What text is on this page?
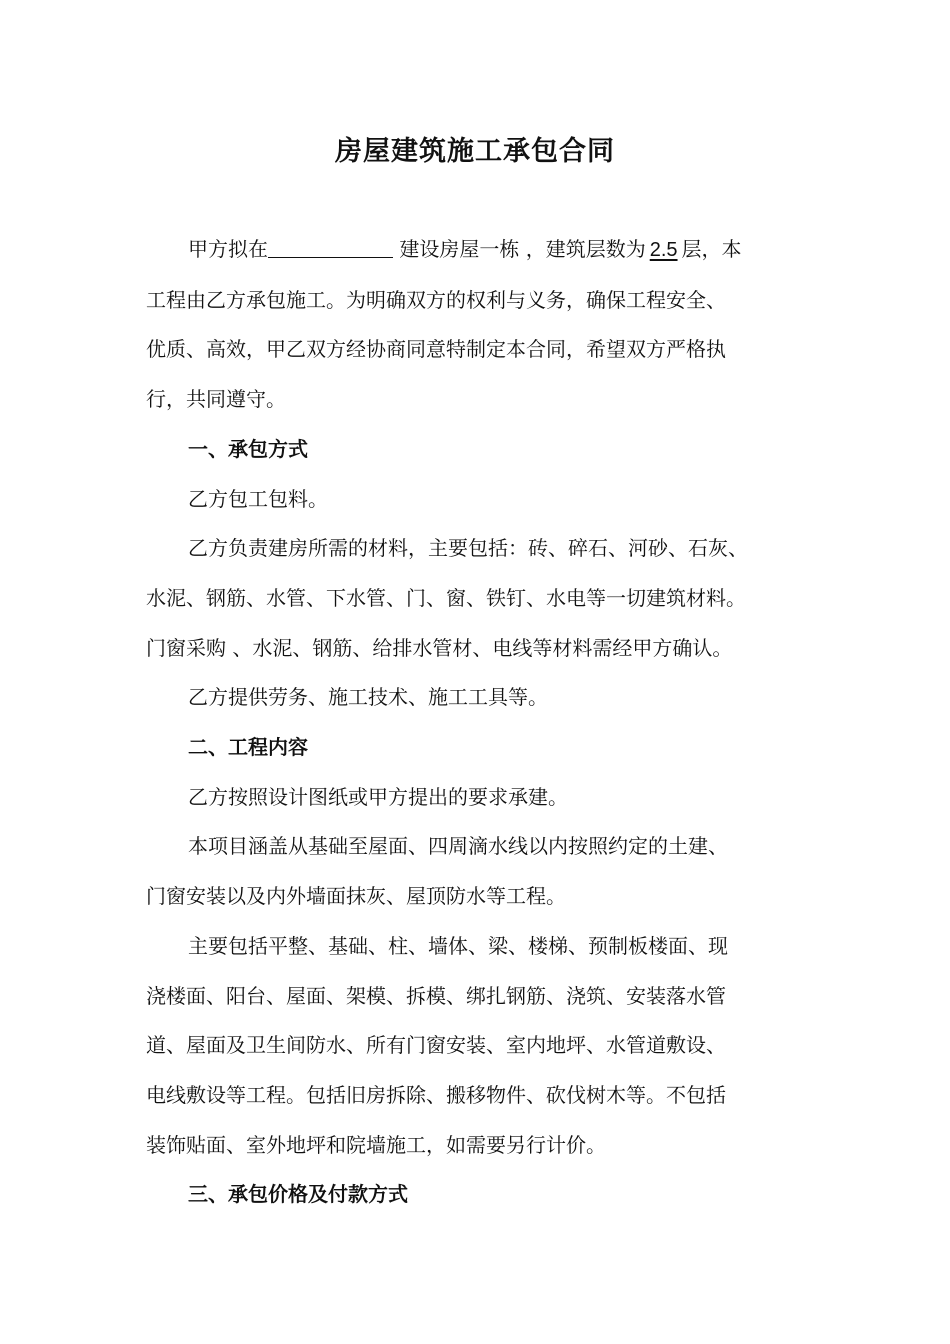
房屋建筑施工承包合同
甲方拟在	建设房屋一栋 ，建筑层数为 2.5 层，本
工程由乙方承包施工。为明确双方的权利与义务，确保工程安全、
优质、高效，甲乙双方经协商同意特制定本合同，希望双方严格执
行，共同遵守。
一、承包方式
乙方包工包料。
乙方负责建房所需的材料，主要包括：砖、碎石、河砂、石灰、
水泥、钢筋、水管、下水管、门、窗、铁钉、水电等一切建筑材料。
门窗采购 、水泥、钢筋、给排水管材、电线等材料需经甲方确认。
乙方提供劳务、施工技术、施工工具等。
二、工程内容
乙方按照设计图纸或甲方提出的要求承建。
本项目涵盖从基础至屋面、四周滴水线以内按照约定的土建、
门窗安装以及内外墙面抹灰、屋顶防水等工程。
主要包括平整、基础、柱、墙体、梁、楼梯、预制板楼面、现
浇楼面、阳台、屋面、架模、拆模、绑扎钢筋、浇筑、安装落水管
道、屋面及卫生间防水、所有门窗安装、室内地坪、水管道敷设、
电线敷设等工程。包括旧房拆除、搬移物件、砍伐树木等。不包括
装饰贴面、室外地坪和院墙施工，如需要另行计价。
三、承包价格及付款方式
